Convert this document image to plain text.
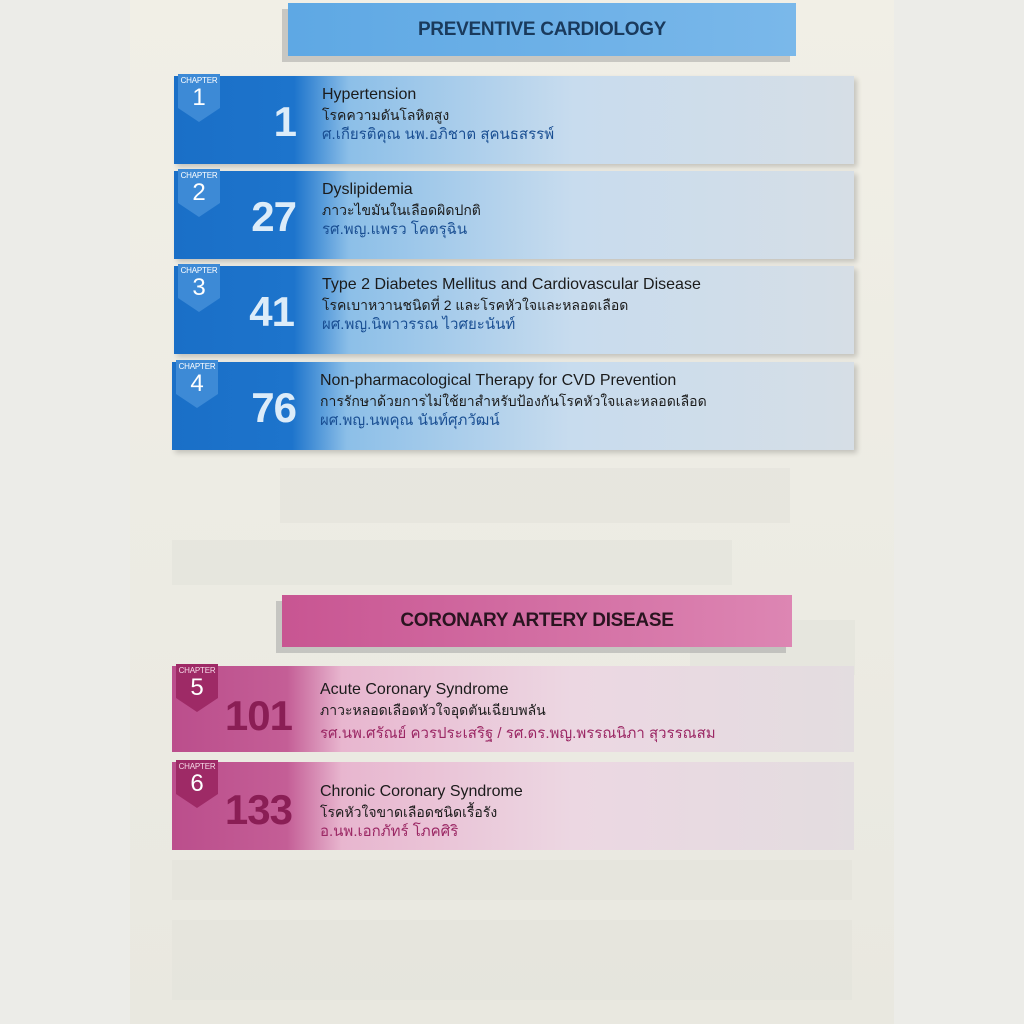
PREVENTIVE CARDIOLOGY
CHAPTER
1
1
Hypertension
โรคความดันโลหิตสูง
ศ.เกียรติคุณ นพ.อภิชาต สุคนธสรรพ์
CHAPTER
2
27
Dyslipidemia
ภาวะไขมันในเลือดผิดปกติ
รศ.พญ.แพรว โคตรุฉิน
CHAPTER
3
41
Type 2 Diabetes Mellitus and Cardiovascular Disease
โรคเบาหวานชนิดที่ 2 และโรคหัวใจและหลอดเลือด
ผศ.พญ.นิพาวรรณ ไวศยะนันท์
CHAPTER
4
76
Non-pharmacological Therapy for CVD Prevention
การรักษาด้วยการไม่ใช้ยาสำหรับป้องกันโรคหัวใจและหลอดเลือด
ผศ.พญ.นพคุณ นันท์ศุภวัฒน์
CORONARY ARTERY DISEASE
CHAPTER
5
101
Acute Coronary Syndrome
ภาวะหลอดเลือดหัวใจอุดตันเฉียบพลัน
รศ.นพ.ศรัณย์ ควรประเสริฐ / รศ.ดร.พญ.พรรณนิภา สุวรรณสม
CHAPTER
6
133 Chronic Coronary Syndrome
โรคหัวใจขาดเลือดชนิดเรื้อรัง
อ.นพ.เอกภัทร์ โภคศิริ
